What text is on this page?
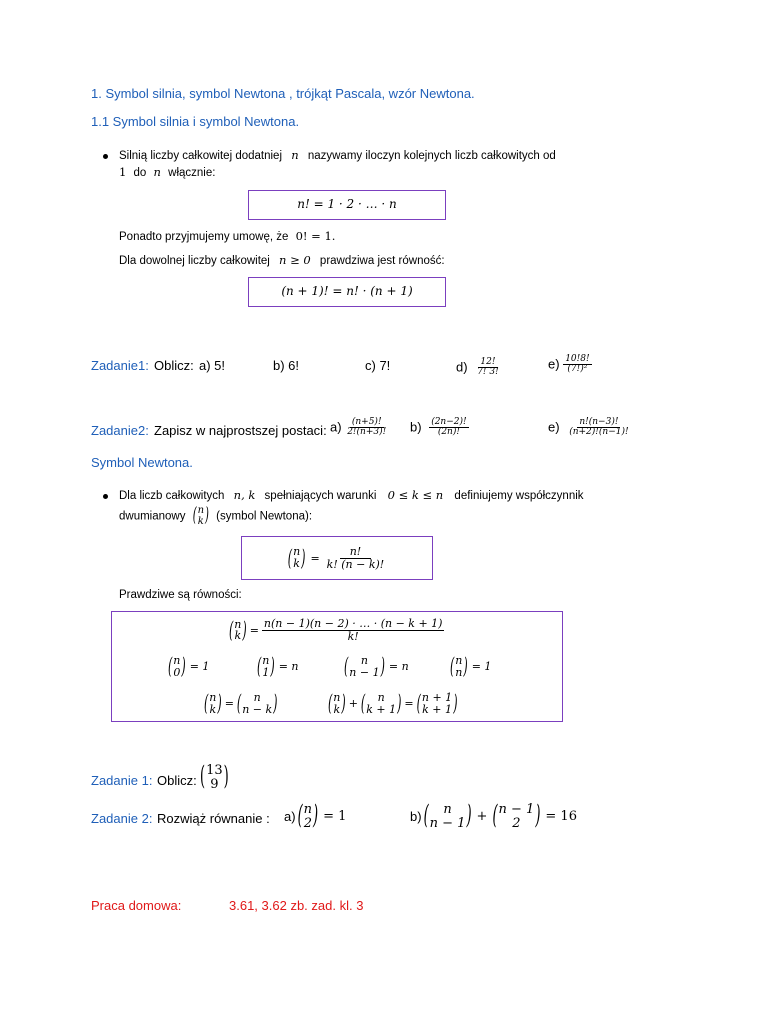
1. Symbol silnia, symbol Newtona , trójkąt Pascala, wzór Newtona.
1.1 Symbol silnia i symbol Newtona.
Silnią liczby całkowitej dodatniej n nazywamy iloczyn kolejnych liczb całkowitych od
1 do n włącznie:
n! = 1 · 2 · … · n
Ponadto przyjmujemy umowę, że 0! = 1.
Dla dowolnej liczby całkowitej n ≥ 0 prawdziwa jest równość:
(n + 1)! = n! · (n + 1)
Zadanie1: Oblicz: a) 5!	b) 6!	c) 7!	$d) \frac{12!}{7! 3!}$	$e) \frac{10!8!}{\text{(7!)²}}$
Zadanie2: Zapisz w najprostszej postaci: $a) \frac{(n+5)!}{2!(n+3)!} b) \frac{(2n-2)!}{(2n)!}$	$e) \frac{n!(n-3)!}{(n+2)!(n-1)!}$
Symbol Newtona.
Dla liczb całkowitych n, k spełniających warunki 0 ≤ k ≤ n definiujemy współczynnik
dwumianowy ( n
k ) (symbol Newtona):
( n
k ) = $\frac{n!}{k! (n - k)!}$
Prawdziwe są równości:
( n
k ) = $\frac{n(n - 1)(n - 2) \cdot \dots \cdot (n - k + 1)}{k!}$
( n
0 ) = 1	( n
1 ) = n	( n
n − 1 ) = n	( n
n ) = 1
( n
k ) = ( n
n − k )	( n
k ) + ( n
k + 1 ) = ( n + 1
k + 1 )
Zadanie 1: Oblicz: ( 13
9 )
Zadanie 2: Rozwiąż równanie : a) ( n
2 ) = 1	b) ( n
n − 1 ) + ( n − 1
2 ) = 16
Praca domowa:	3.61, 3.62 zb. zad. kl. 3
